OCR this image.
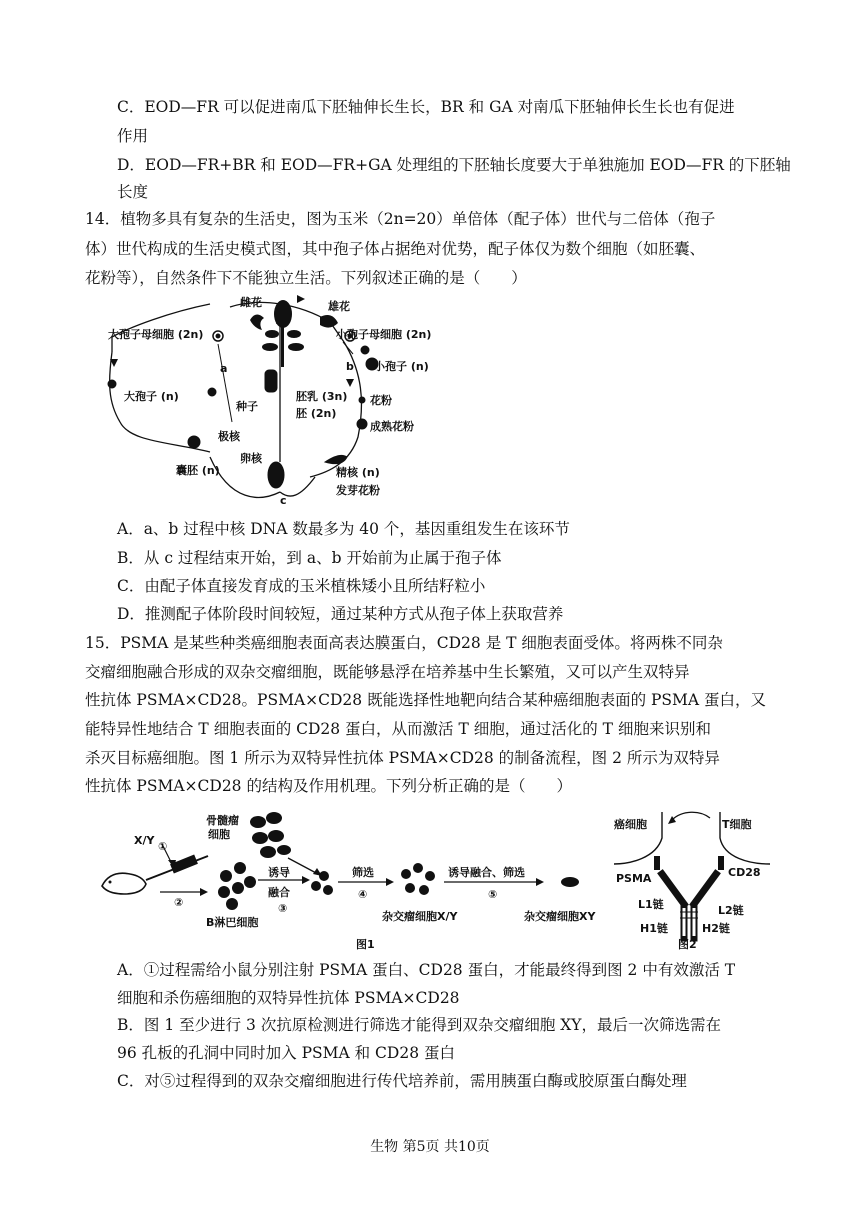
C．EOD—FR 可以促进南瓜下胚轴伸长生长，BR 和 GA 对南瓜下胚轴伸长生长也有促进
作用
D．EOD—FR+BR 和 EOD—FR+GA 处理组的下胚轴长度要大于单独施加 EOD—FR 的下胚轴
长度
14．植物多具有复杂的生活史，图为玉米（2n=20）单倍体（配子体）世代与二倍体（孢子
体）世代构成的生活史模式图，其中孢子体占据绝对优势，配子体仅为数个细胞（如胚囊、
花粉等），自然条件下不能独立生活。下列叙述正确的是（　　）
雌花	雄花
大孢子母细胞 (2n)	小孢子母细胞 (2n)
a	b
大孢子 (n)
小孢子 (n)
胚乳 (3n)
种子
胚 (2n)
花粉
极核
成熟花粉
卵核
囊胚 (n)	精核 (n)
发芽花粉
c
A．a、b 过程中核 DNA 数最多为 40 个，基因重组发生在该环节
B．从 c 过程结束开始，到 a、b 开始前为止属于孢子体
C．由配子体直接发育成的玉米植株矮小且所结籽粒小
D．推测配子体阶段时间较短，通过某种方式从孢子体上获取营养
15．PSMA 是某些种类癌细胞表面高表达膜蛋白，CD28 是 T 细胞表面受体。将两株不同杂
交瘤细胞融合形成的双杂交瘤细胞，既能够悬浮在培养基中生长繁殖，又可以产生双特异
性抗体 PSMA×CD28。PSMA×CD28 既能选择性地靶向结合某种癌细胞表面的 PSMA 蛋白，又
能特异性地结合 T 细胞表面的 CD28 蛋白，从而激活 T 细胞，通过活化的 T 细胞来识别和
杀灭目标癌细胞。图 1 所示为双特异性抗体 PSMA×CD28 的制备流程，图 2 所示为双特异
性抗体 PSMA×CD28 的结构及作用机理。下列分析正确的是（　　）
X/Y ①
②
B淋巴细胞
骨髓瘤
细胞
诱导
融合
③
筛选
④
杂交瘤细胞X/Y
诱导融合、筛选
⑤
杂交瘤细胞XY
图1
癌细胞	T细胞
PSMA	CD28
L1链	L2链
H1链	H2链
图2
A．①过程需给小鼠分别注射 PSMA 蛋白、CD28 蛋白，才能最终得到图 2 中有效激活 T
细胞和杀伤癌细胞的双特异性抗体 PSMA×CD28
B．图 1 至少进行 3 次抗原检测进行筛选才能得到双杂交瘤细胞 XY，最后一次筛选需在
96 孔板的孔洞中同时加入 PSMA 和 CD28 蛋白
C．对⑤过程得到的双杂交瘤细胞进行传代培养前，需用胰蛋白酶或胶原蛋白酶处理
生物 第5页 共10页
